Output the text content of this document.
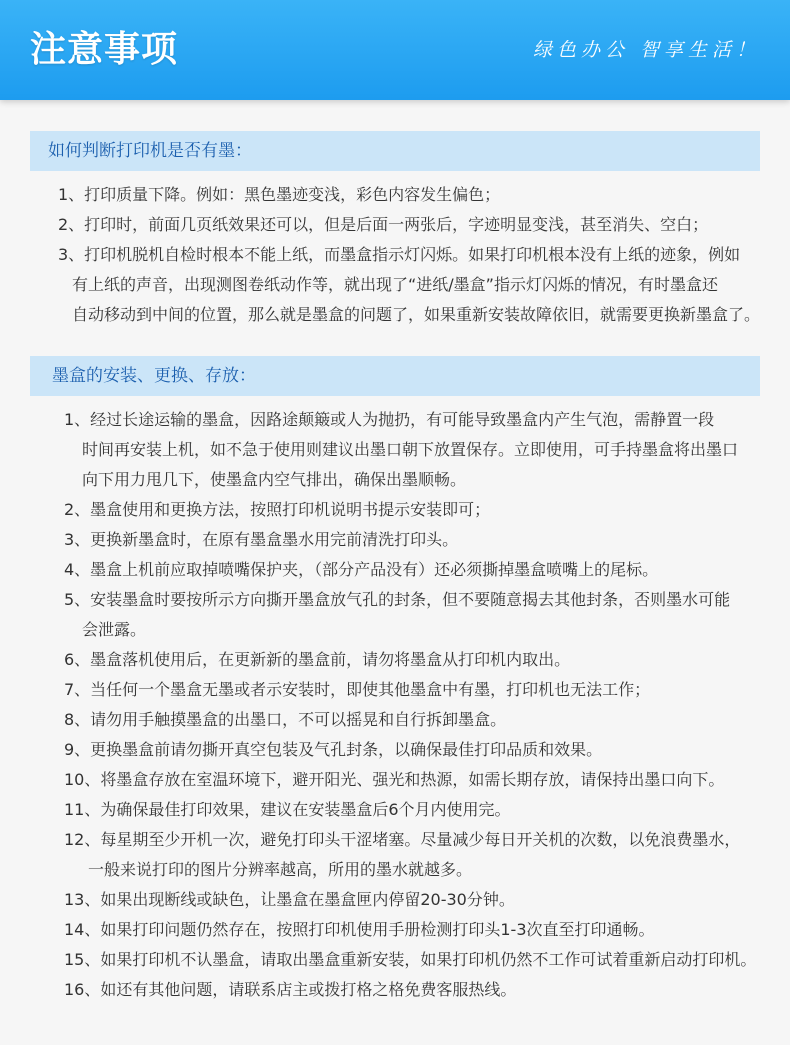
注意事项	绿色办公 智享生活！
如何判断打印机是否有墨：
1、打印质量下降。例如：黑色墨迹变浅，彩色内容发生偏色；
2、打印时，前面几页纸效果还可以，但是后面一两张后，字迹明显变浅，甚至消失、空白；
3、打印机脱机自检时根本不能上纸，而墨盒指示灯闪烁。如果打印机根本没有上纸的迹象，例如
有上纸的声音，出现测图卷纸动作等，就出现了“进纸/墨盒”指示灯闪烁的情况，有时墨盒还
自动移动到中间的位置，那么就是墨盒的问题了，如果重新安装故障依旧，就需要更换新墨盒了。
墨盒的安装、更换、存放：
1、经过长途运输的墨盒，因路途颠簸或人为抛扔，有可能导致墨盒内产生气泡，需静置一段
时间再安装上机，如不急于使用则建议出墨口朝下放置保存。立即使用，可手持墨盒将出墨口
向下用力甩几下，使墨盒内空气排出，确保出墨顺畅。
2、墨盒使用和更换方法，按照打印机说明书提示安装即可；
3、更换新墨盒时，在原有墨盒墨水用完前清洗打印头。
4、墨盒上机前应取掉喷嘴保护夹，（部分产品没有）还必须撕掉墨盒喷嘴上的尾标。
5、安装墨盒时要按所示方向撕开墨盒放气孔的封条，但不要随意揭去其他封条，否则墨水可能
会泄露。
6、墨盒落机使用后，在更新新的墨盒前，请勿将墨盒从打印机内取出。
7、当任何一个墨盒无墨或者示安装时，即使其他墨盒中有墨，打印机也无法工作；
8、请勿用手触摸墨盒的出墨口，不可以摇晃和自行拆卸墨盒。
9、更换墨盒前请勿撕开真空包装及气孔封条，以确保最佳打印品质和效果。
10、将墨盒存放在室温环境下，避开阳光、强光和热源，如需长期存放，请保持出墨口向下。
11、为确保最佳打印效果，建议在安装墨盒后6个月内使用完。
12、每星期至少开机一次，避免打印头干涩堵塞。尽量减少每日开关机的次数，以免浪费墨水，
一般来说打印的图片分辨率越高，所用的墨水就越多。
13、如果出现断线或缺色，让墨盒在墨盒匣内停留20-30分钟。
14、如果打印问题仍然存在，按照打印机使用手册检测打印头1-3次直至打印通畅。
15、如果打印机不认墨盒，请取出墨盒重新安装，如果打印机仍然不工作可试着重新启动打印机。
16、如还有其他问题，请联系店主或拨打格之格免费客服热线。
